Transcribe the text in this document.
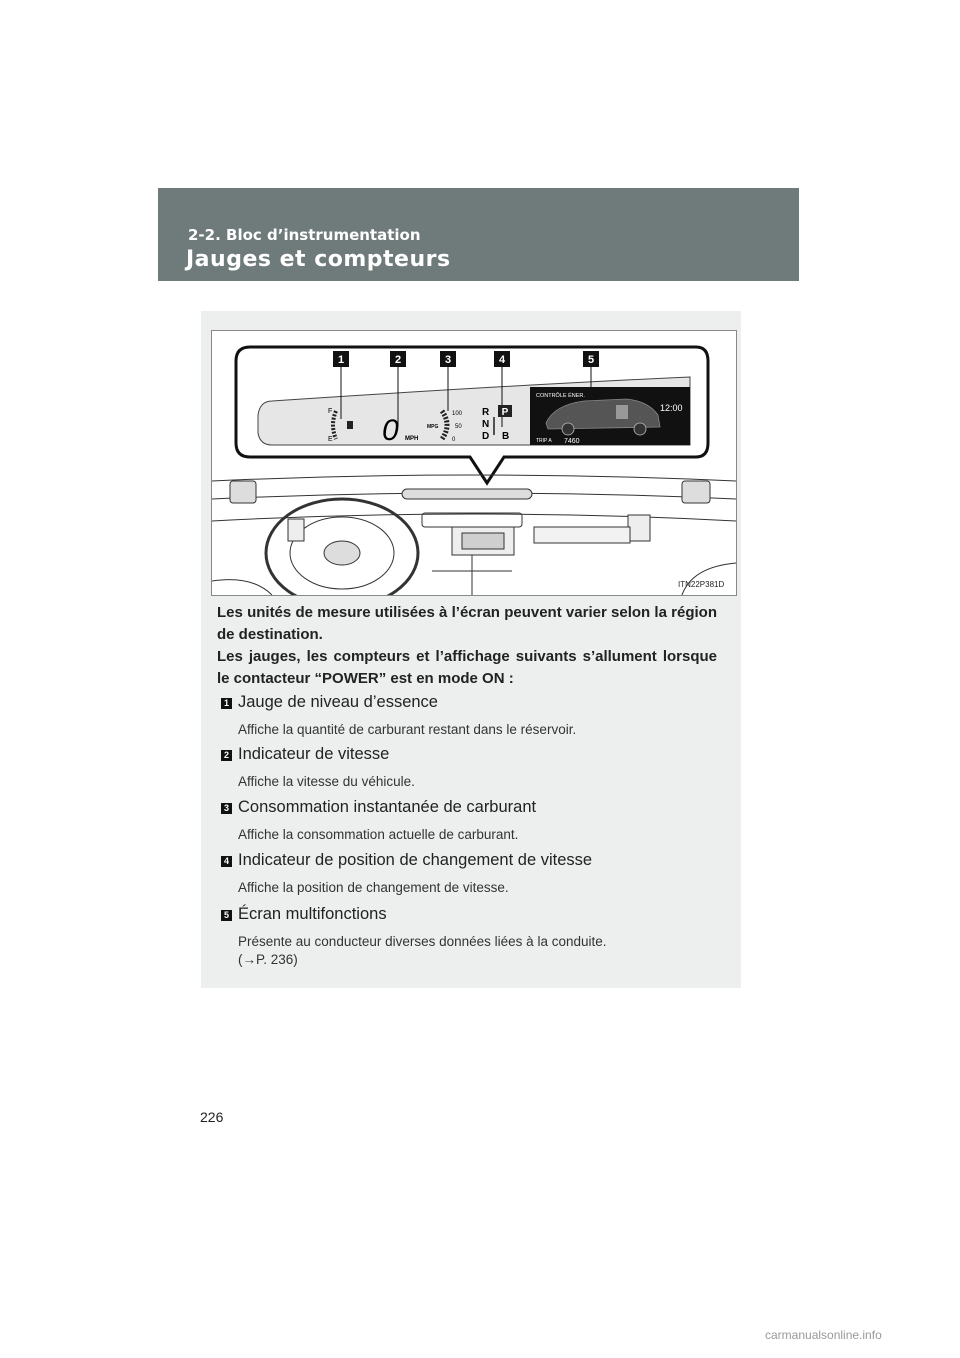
2-2. Bloc d’instrumentation
Jauges et compteurs
1	2	3	4	5
F
E 0 MPH
MPG
100
50
0
R
N
D B
P
CONTRÔLE ÉNER.
12:00
TRIP A 7460
ITN22P381D
Les unités de mesure utilisées à l’écran peuvent varier selon la région de destination.
Les jauges, les compteurs et l’affichage suivants s’allument lorsque le contacteur “POWER” est en mode ON :
1 Jauge de niveau d’essence
Affiche la quantité de carburant restant dans le réservoir.
2 Indicateur de vitesse
Affiche la vitesse du véhicule.
3 Consommation instantanée de carburant
Affiche la consommation actuelle de carburant.
4 Indicateur de position de changement de vitesse
Affiche la position de changement de vitesse.
5 Écran multifonctions
Présente au conducteur diverses données liées à la conduite.
(→P. 236)
226
carmanualsonline.info
